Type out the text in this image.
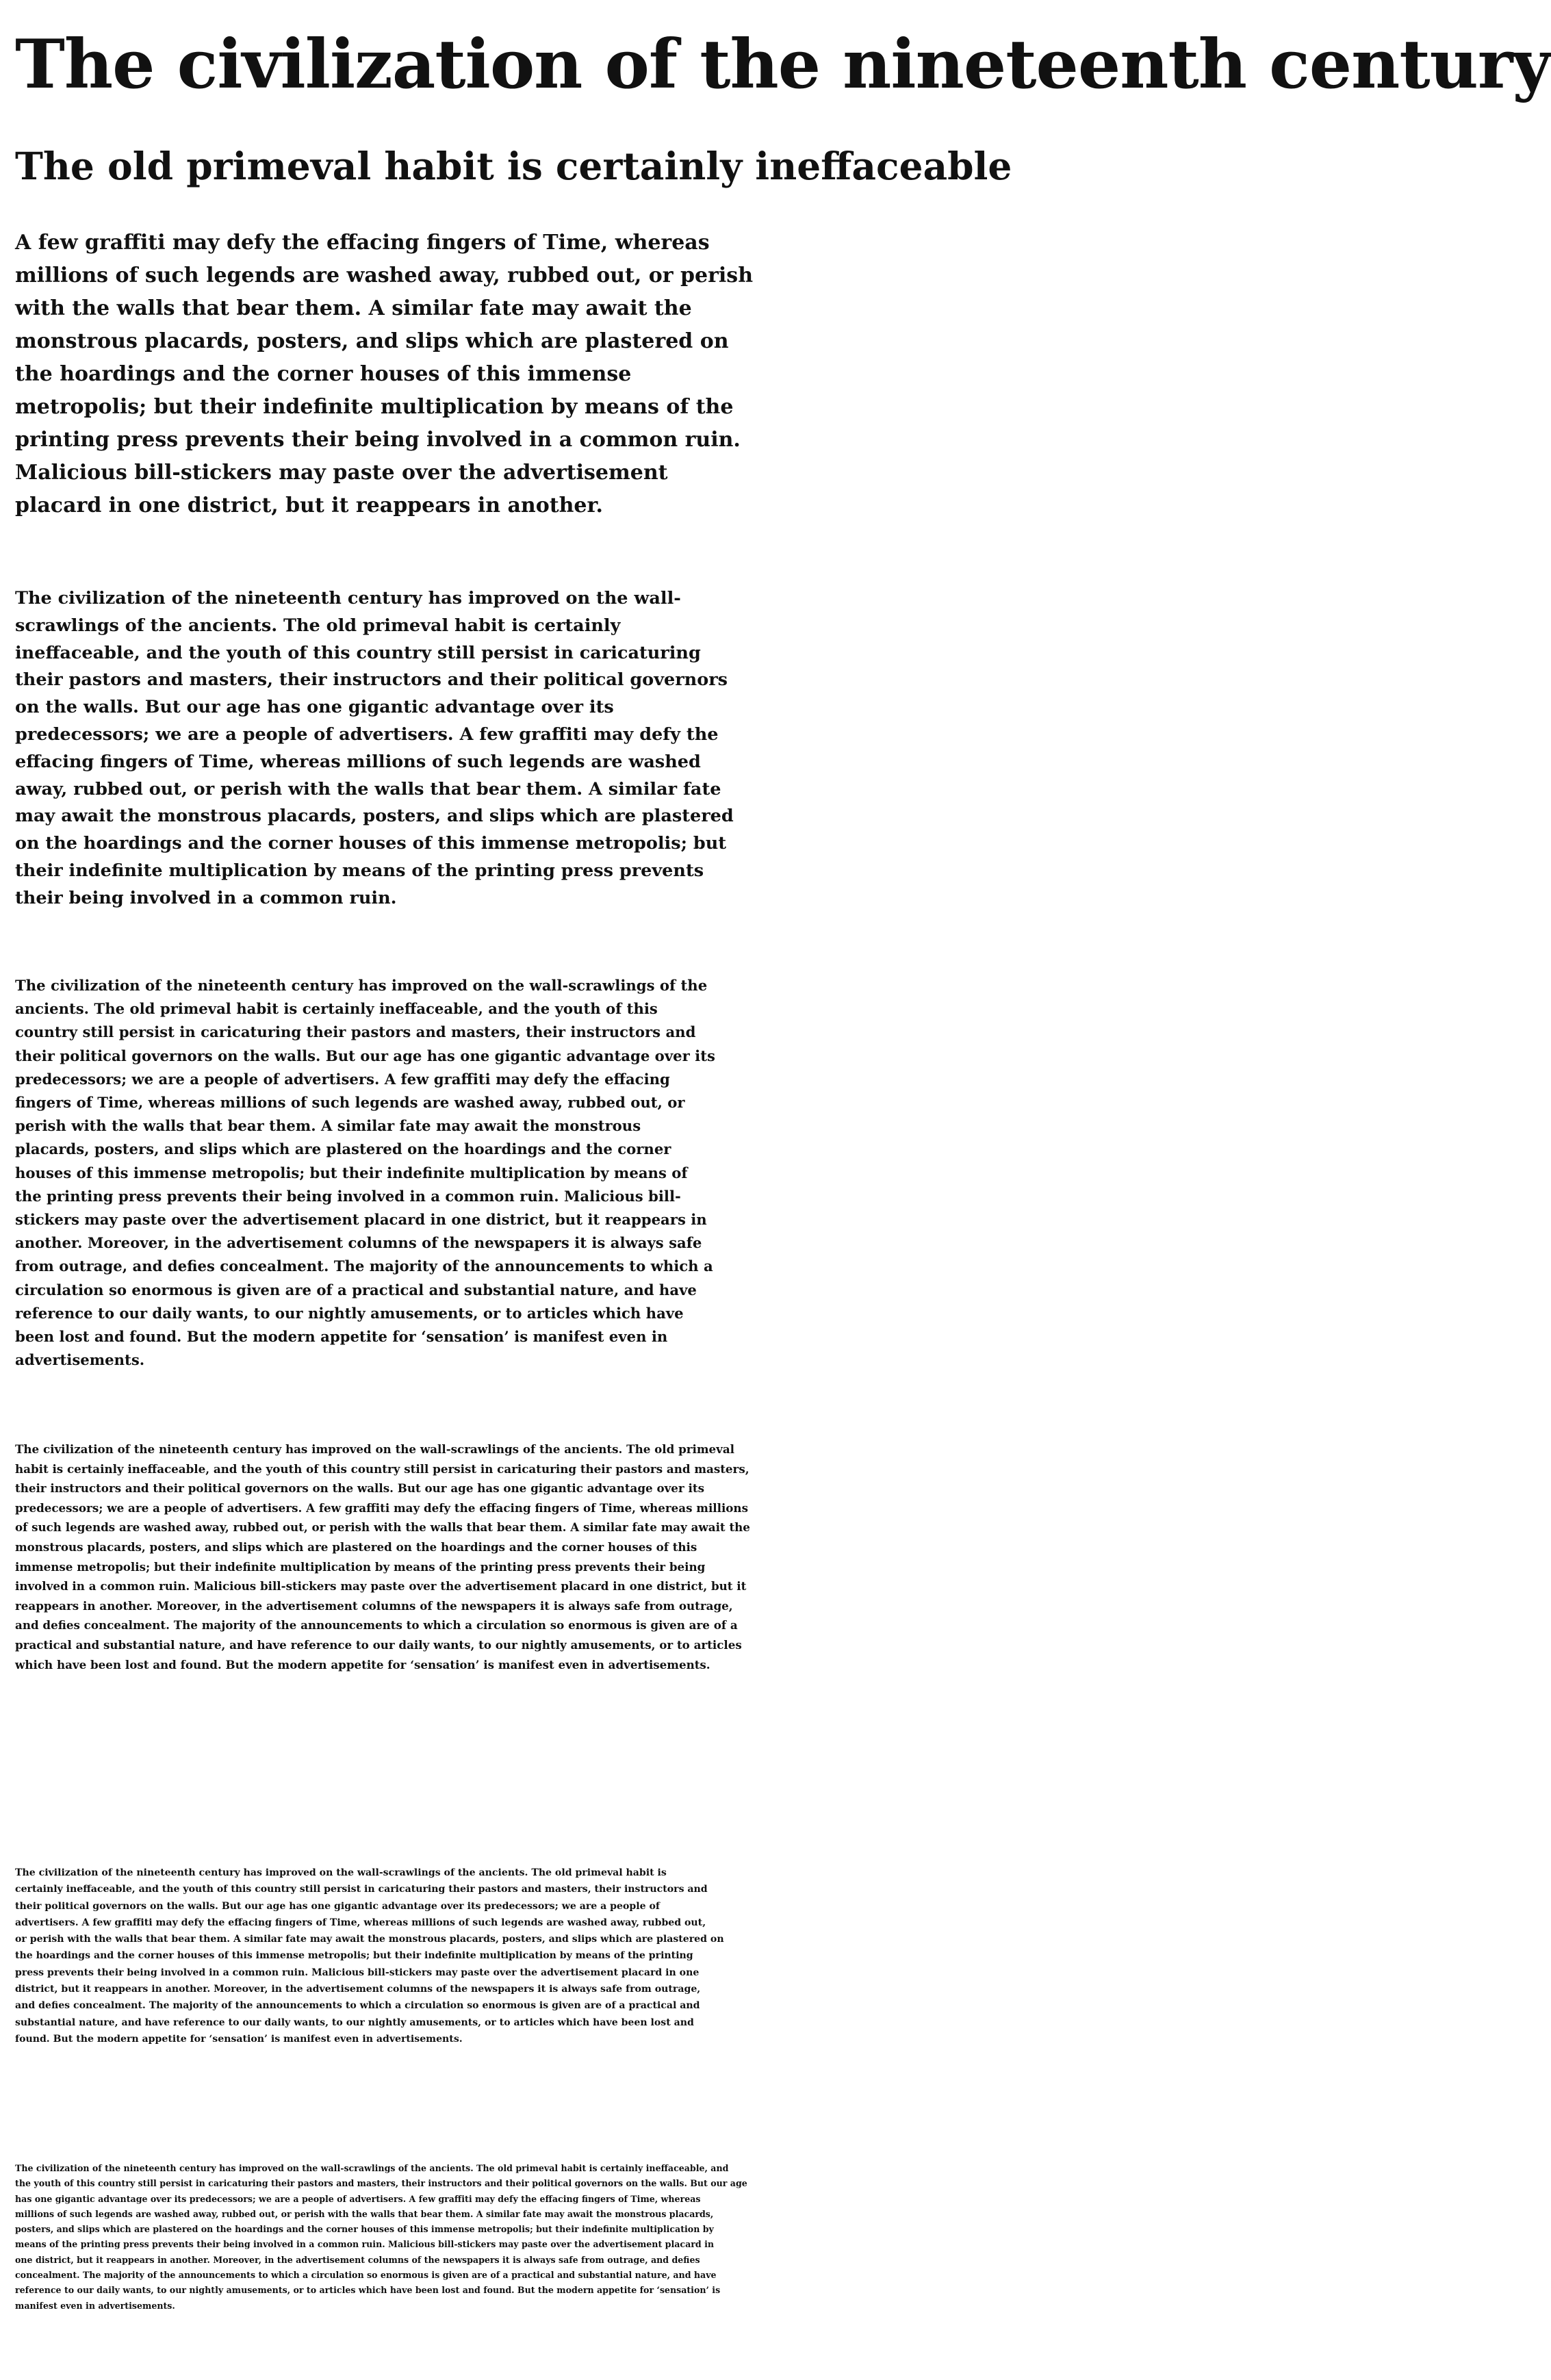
The civilization of the nineteenth century
The old primeval habit is certainly ineffaceable
A few graffiti may defy the effacing fingers of Time, whereas
millions of such legends are washed away, rubbed out, or perish
with the walls that bear them. A similar fate may await the
monstrous placards, posters, and slips which are plastered on
the hoardings and the corner houses of this immense
metropolis; but their indefinite multiplication by means of the
printing press prevents their being involved in a common ruin.
Malicious bill-stickers may paste over the advertisement
placard in one district, but it reappears in another.
The civilization of the nineteenth century has improved on the wall-
scrawlings of the ancients. The old primeval habit is certainly
ineffaceable, and the youth of this country still persist in caricaturing
their pastors and masters, their instructors and their political governors
on the walls. But our age has one gigantic advantage over its
predecessors; we are a people of advertisers. A few graffiti may defy the
effacing fingers of Time, whereas millions of such legends are washed
away, rubbed out, or perish with the walls that bear them. A similar fate
may await the monstrous placards, posters, and slips which are plastered
on the hoardings and the corner houses of this immense metropolis; but
their indefinite multiplication by means of the printing press prevents
their being involved in a common ruin.
The civilization of the nineteenth century has improved on the wall-scrawlings of the
ancients. The old primeval habit is certainly ineffaceable, and the youth of this
country still persist in caricaturing their pastors and masters, their instructors and
their political governors on the walls. But our age has one gigantic advantage over its
predecessors; we are a people of advertisers. A few graffiti may defy the effacing
fingers of Time, whereas millions of such legends are washed away, rubbed out, or
perish with the walls that bear them. A similar fate may await the monstrous
placards, posters, and slips which are plastered on the hoardings and the corner
houses of this immense metropolis; but their indefinite multiplication by means of
the printing press prevents their being involved in a common ruin. Malicious bill-
stickers may paste over the advertisement placard in one district, but it reappears in
another. Moreover, in the advertisement columns of the newspapers it is always safe
from outrage, and defies concealment. The majority of the announcements to which a
circulation so enormous is given are of a practical and substantial nature, and have
reference to our daily wants, to our nightly amusements, or to articles which have
been lost and found. But the modern appetite for ‘sensation’ is manifest even in
advertisements.
The civilization of the nineteenth century has improved on the wall-scrawlings of the ancients. The old primeval
habit is certainly ineffaceable, and the youth of this country still persist in caricaturing their pastors and masters,
their instructors and their political governors on the walls. But our age has one gigantic advantage over its
predecessors; we are a people of advertisers. A few graffiti may defy the effacing fingers of Time, whereas millions
of such legends are washed away, rubbed out, or perish with the walls that bear them. A similar fate may await the
monstrous placards, posters, and slips which are plastered on the hoardings and the corner houses of this
immense metropolis; but their indefinite multiplication by means of the printing press prevents their being
involved in a common ruin. Malicious bill-stickers may paste over the advertisement placard in one district, but it
reappears in another. Moreover, in the advertisement columns of the newspapers it is always safe from outrage,
and defies concealment. The majority of the announcements to which a circulation so enormous is given are of a
practical and substantial nature, and have reference to our daily wants, to our nightly amusements, or to articles
which have been lost and found. But the modern appetite for ‘sensation’ is manifest even in advertisements.
The civilization of the nineteenth century has improved on the wall-scrawlings of the ancients. The old primeval habit is
certainly ineffaceable, and the youth of this country still persist in caricaturing their pastors and masters, their instructors and
their political governors on the walls. But our age has one gigantic advantage over its predecessors; we are a people of
advertisers. A few graffiti may defy the effacing fingers of Time, whereas millions of such legends are washed away, rubbed out,
or perish with the walls that bear them. A similar fate may await the monstrous placards, posters, and slips which are plastered on
the hoardings and the corner houses of this immense metropolis; but their indefinite multiplication by means of the printing
press prevents their being involved in a common ruin. Malicious bill-stickers may paste over the advertisement placard in one
district, but it reappears in another. Moreover, in the advertisement columns of the newspapers it is always safe from outrage,
and defies concealment. The majority of the announcements to which a circulation so enormous is given are of a practical and
substantial nature, and have reference to our daily wants, to our nightly amusements, or to articles which have been lost and
found. But the modern appetite for ‘sensation’ is manifest even in advertisements.
The civilization of the nineteenth century has improved on the wall-scrawlings of the ancients. The old primeval habit is certainly ineffaceable, and
the youth of this country still persist in caricaturing their pastors and masters, their instructors and their political governors on the walls. But our age
has one gigantic advantage over its predecessors; we are a people of advertisers. A few graffiti may defy the effacing fingers of Time, whereas
millions of such legends are washed away, rubbed out, or perish with the walls that bear them. A similar fate may await the monstrous placards,
posters, and slips which are plastered on the hoardings and the corner houses of this immense metropolis; but their indefinite multiplication by
means of the printing press prevents their being involved in a common ruin. Malicious bill-stickers may paste over the advertisement placard in
one district, but it reappears in another. Moreover, in the advertisement columns of the newspapers it is always safe from outrage, and defies
concealment. The majority of the announcements to which a circulation so enormous is given are of a practical and substantial nature, and have
reference to our daily wants, to our nightly amusements, or to articles which have been lost and found. But the modern appetite for ‘sensation’ is
manifest even in advertisements.
